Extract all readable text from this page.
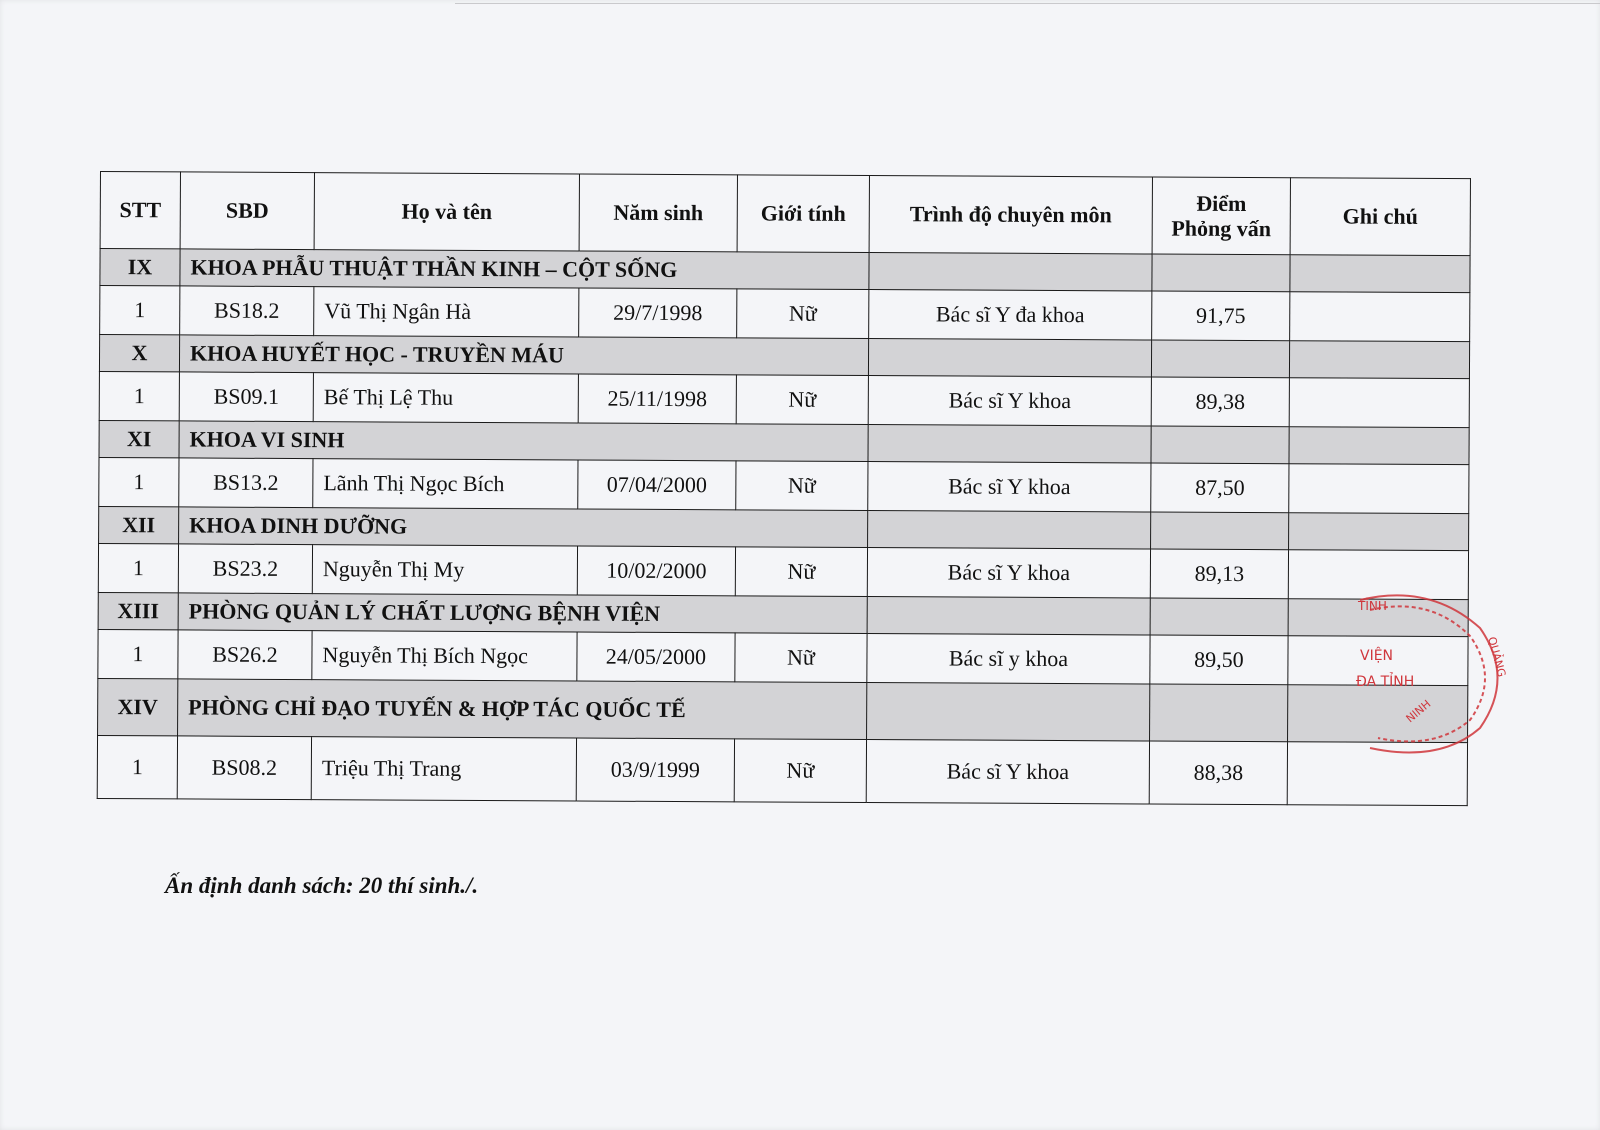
STT	SBD	Họ và tên	Năm sinh	Giới tính	Trình độ chuyên môn	Điểm
Phỏng vấn	Ghi chú
IX	KHOA PHẪU THUẬT THẦN KINH – CỘT SỐNG						
1	BS18.2	Vũ Thị Ngân Hà	29/7/1998	Nữ	Bác sĩ Y đa khoa	91,75	
X	KHOA HUYẾT HỌC - TRUYỀN MÁU						
1	BS09.1	Bế Thị Lệ Thu	25/11/1998	Nữ	Bác sĩ Y khoa	89,38	
XI	KHOA VI SINH						
1	BS13.2	Lãnh Thị Ngọc Bích	07/04/2000	Nữ	Bác sĩ Y khoa	87,50	
XII	KHOA DINH DƯỠNG						
1	BS23.2	Nguyễn Thị My	10/02/2000	Nữ	Bác sĩ Y khoa	89,13	
XIII	PHÒNG QUẢN LÝ CHẤT LƯỢNG BỆNH VIỆN						
1	BS26.2	Nguyễn Thị Bích Ngọc	24/05/2000	Nữ	Bác sĩ y khoa	89,50	
XIV	PHÒNG CHỈ ĐẠO TUYẾN & HỢP TÁC QUỐC TẾ						
1	BS08.2	Triệu Thị Trang	03/9/1999	Nữ	Bác sĩ Y khoa	88,38	
Ấn định danh sách: 20 thí sinh./.
TỈNH
QUẢNG
VIỆN
ĐA TỈNH
NINH
